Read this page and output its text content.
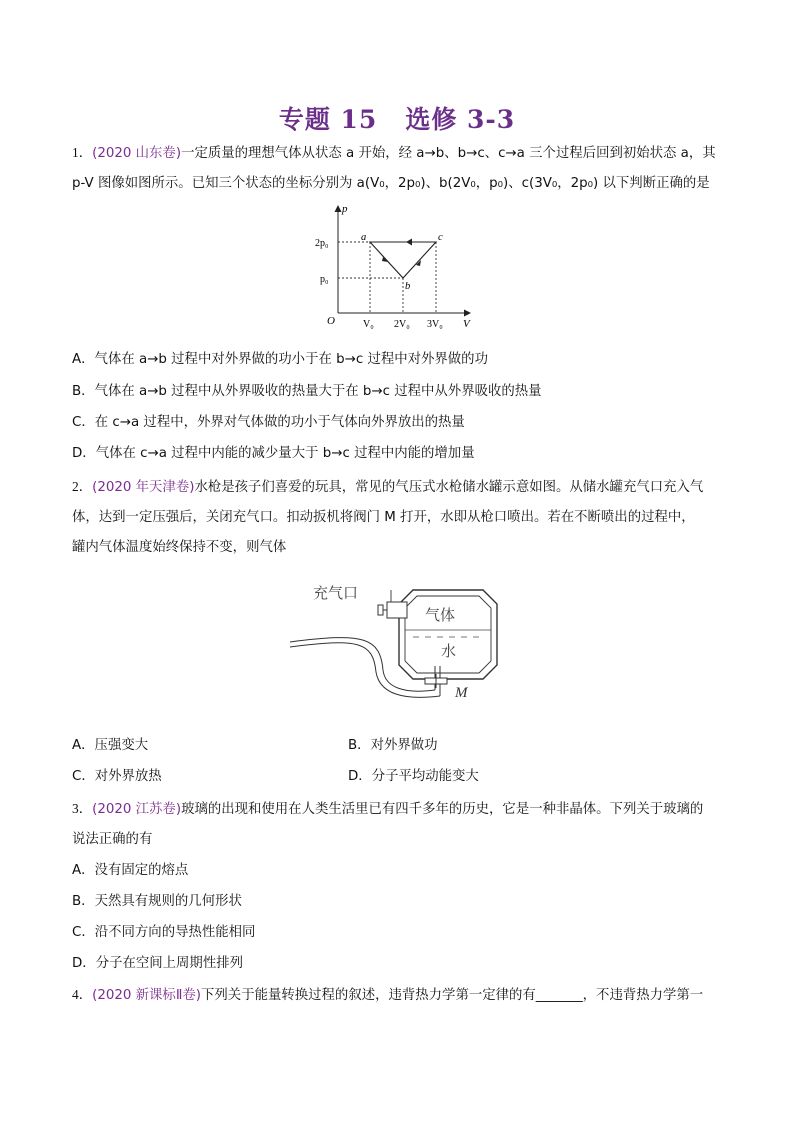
专题 15 选修 3-3
1．(2020 山东卷)一定质量的理想气体从状态 a 开始，经 a→b、b→c、c→a 三个过程后回到初始状态 a，其
p-V 图像如图所示。已知三个状态的坐标分别为 a(V₀，2p₀)、b(2V₀，p₀)、c(3V₀，2p₀) 以下判断正确的是
p
V
O
2p₀
p₀
V₀ 2V₀ 3V₀
a
b
c
A．气体在 a→b 过程中对外界做的功小于在 b→c 过程中对外界做的功
B．气体在 a→b 过程中从外界吸收的热量大于在 b→c 过程中从外界吸收的热量
C．在 c→a 过程中，外界对气体做的功小于气体向外界放出的热量
D．气体在 c→a 过程中内能的减少量大于 b→c 过程中内能的增加量
2．(2020 年天津卷)水枪是孩子们喜爱的玩具，常见的气压式水枪储水罐示意如图。从储水罐充气口充入气
体，达到一定压强后，关闭充气口。扣动扳机将阀门 M 打开，水即从枪口喷出。若在不断喷出的过程中，
罐内气体温度始终保持不变，则气体
充气口
气体
水
M
A．压强变大	B．对外界做功
C．对外界放热	D．分子平均动能变大
3．(2020 江苏卷)玻璃的出现和使用在人类生活里已有四千多年的历史，它是一种非晶体。下列关于玻璃的
说法正确的有
A．没有固定的熔点
B．天然具有规则的几何形状
C．沿不同方向的导热性能相同
D．分子在空间上周期性排列
4．(2020 新课标Ⅱ卷)下列关于能量转换过程的叙述，违背热力学第一定律的有_______，不违背热力学第一
